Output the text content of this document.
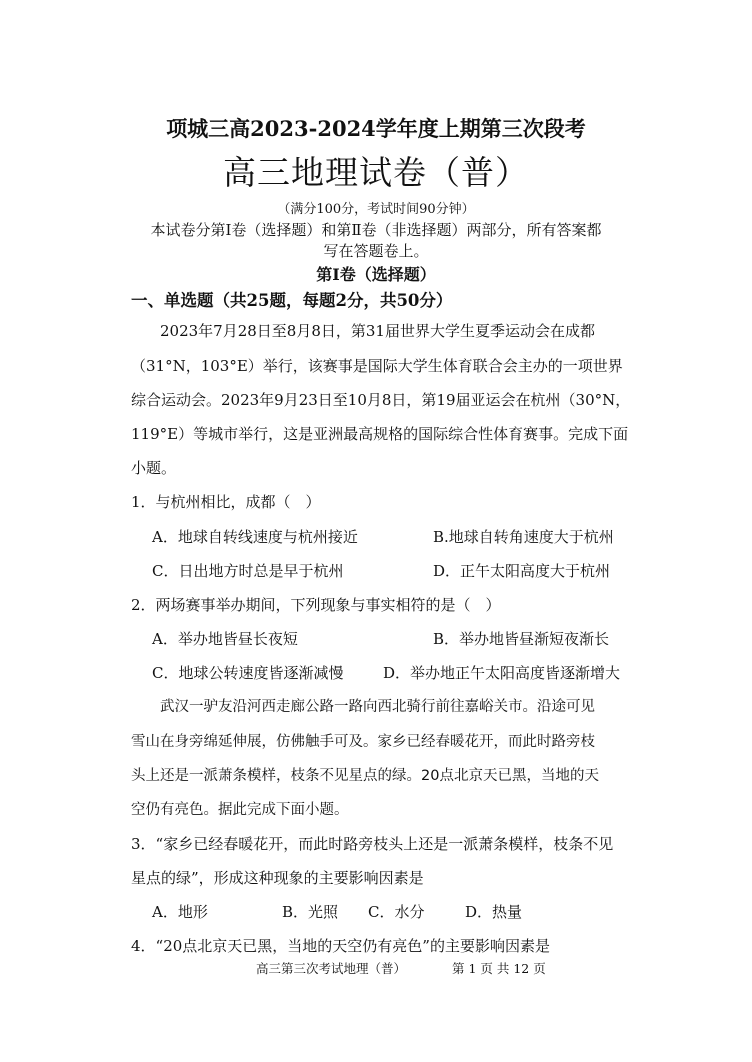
项城三高2023-2024学年度上期第三次段考
高三地理试卷（普）
（满分100分，考试时间90分钟）
本试卷分第Ⅰ卷（选择题）和第Ⅱ卷（非选择题）两部分，所有答案都
写在答题卷上。
第Ⅰ卷（选择题）
一、单选题（共25题，每题2分，共50分）
2023年7月28日至8月8日，第31届世界大学生夏季运动会在成都
（31°N，103°E）举行，该赛事是国际大学生体育联合会主办的一项世界
综合运动会。2023年9月23日至10月8日，第19届亚运会在杭州（30°N，
119°E）等城市举行，这是亚洲最高规格的国际综合性体育赛事。完成下面
小题。
1．与杭州相比，成都（　）
A．地球自转线速度与杭州接近	B.地球自转角速度大于杭州
C．日出地方时总是早于杭州	D．正午太阳高度大于杭州
2．两场赛事举办期间，下列现象与事实相符的是（　）
A．举办地皆昼长夜短	B．举办地皆昼渐短夜渐长
C．地球公转速度皆逐渐减慢	D．举办地正午太阳高度皆逐渐增大
武汉一驴友沿河西走廊公路一路向西北骑行前往嘉峪关市。沿途可见
雪山在身旁绵延伸展，仿佛触手可及。家乡已经春暖花开，而此时路旁枝
头上还是一派萧条模样，枝条不见星点的绿。20点北京天已黑，当地的天
空仍有亮色。据此完成下面小题。
3．“家乡已经春暖花开，而此时路旁枝头上还是一派萧条模样，枝条不见
星点的绿”，形成这种现象的主要影响因素是
A．地形	B．光照 C．水分	D．热量
4．“20点北京天已黑，当地的天空仍有亮色”的主要影响因素是
高三第三次考试地理（普）	第 1 页 共 12 页
